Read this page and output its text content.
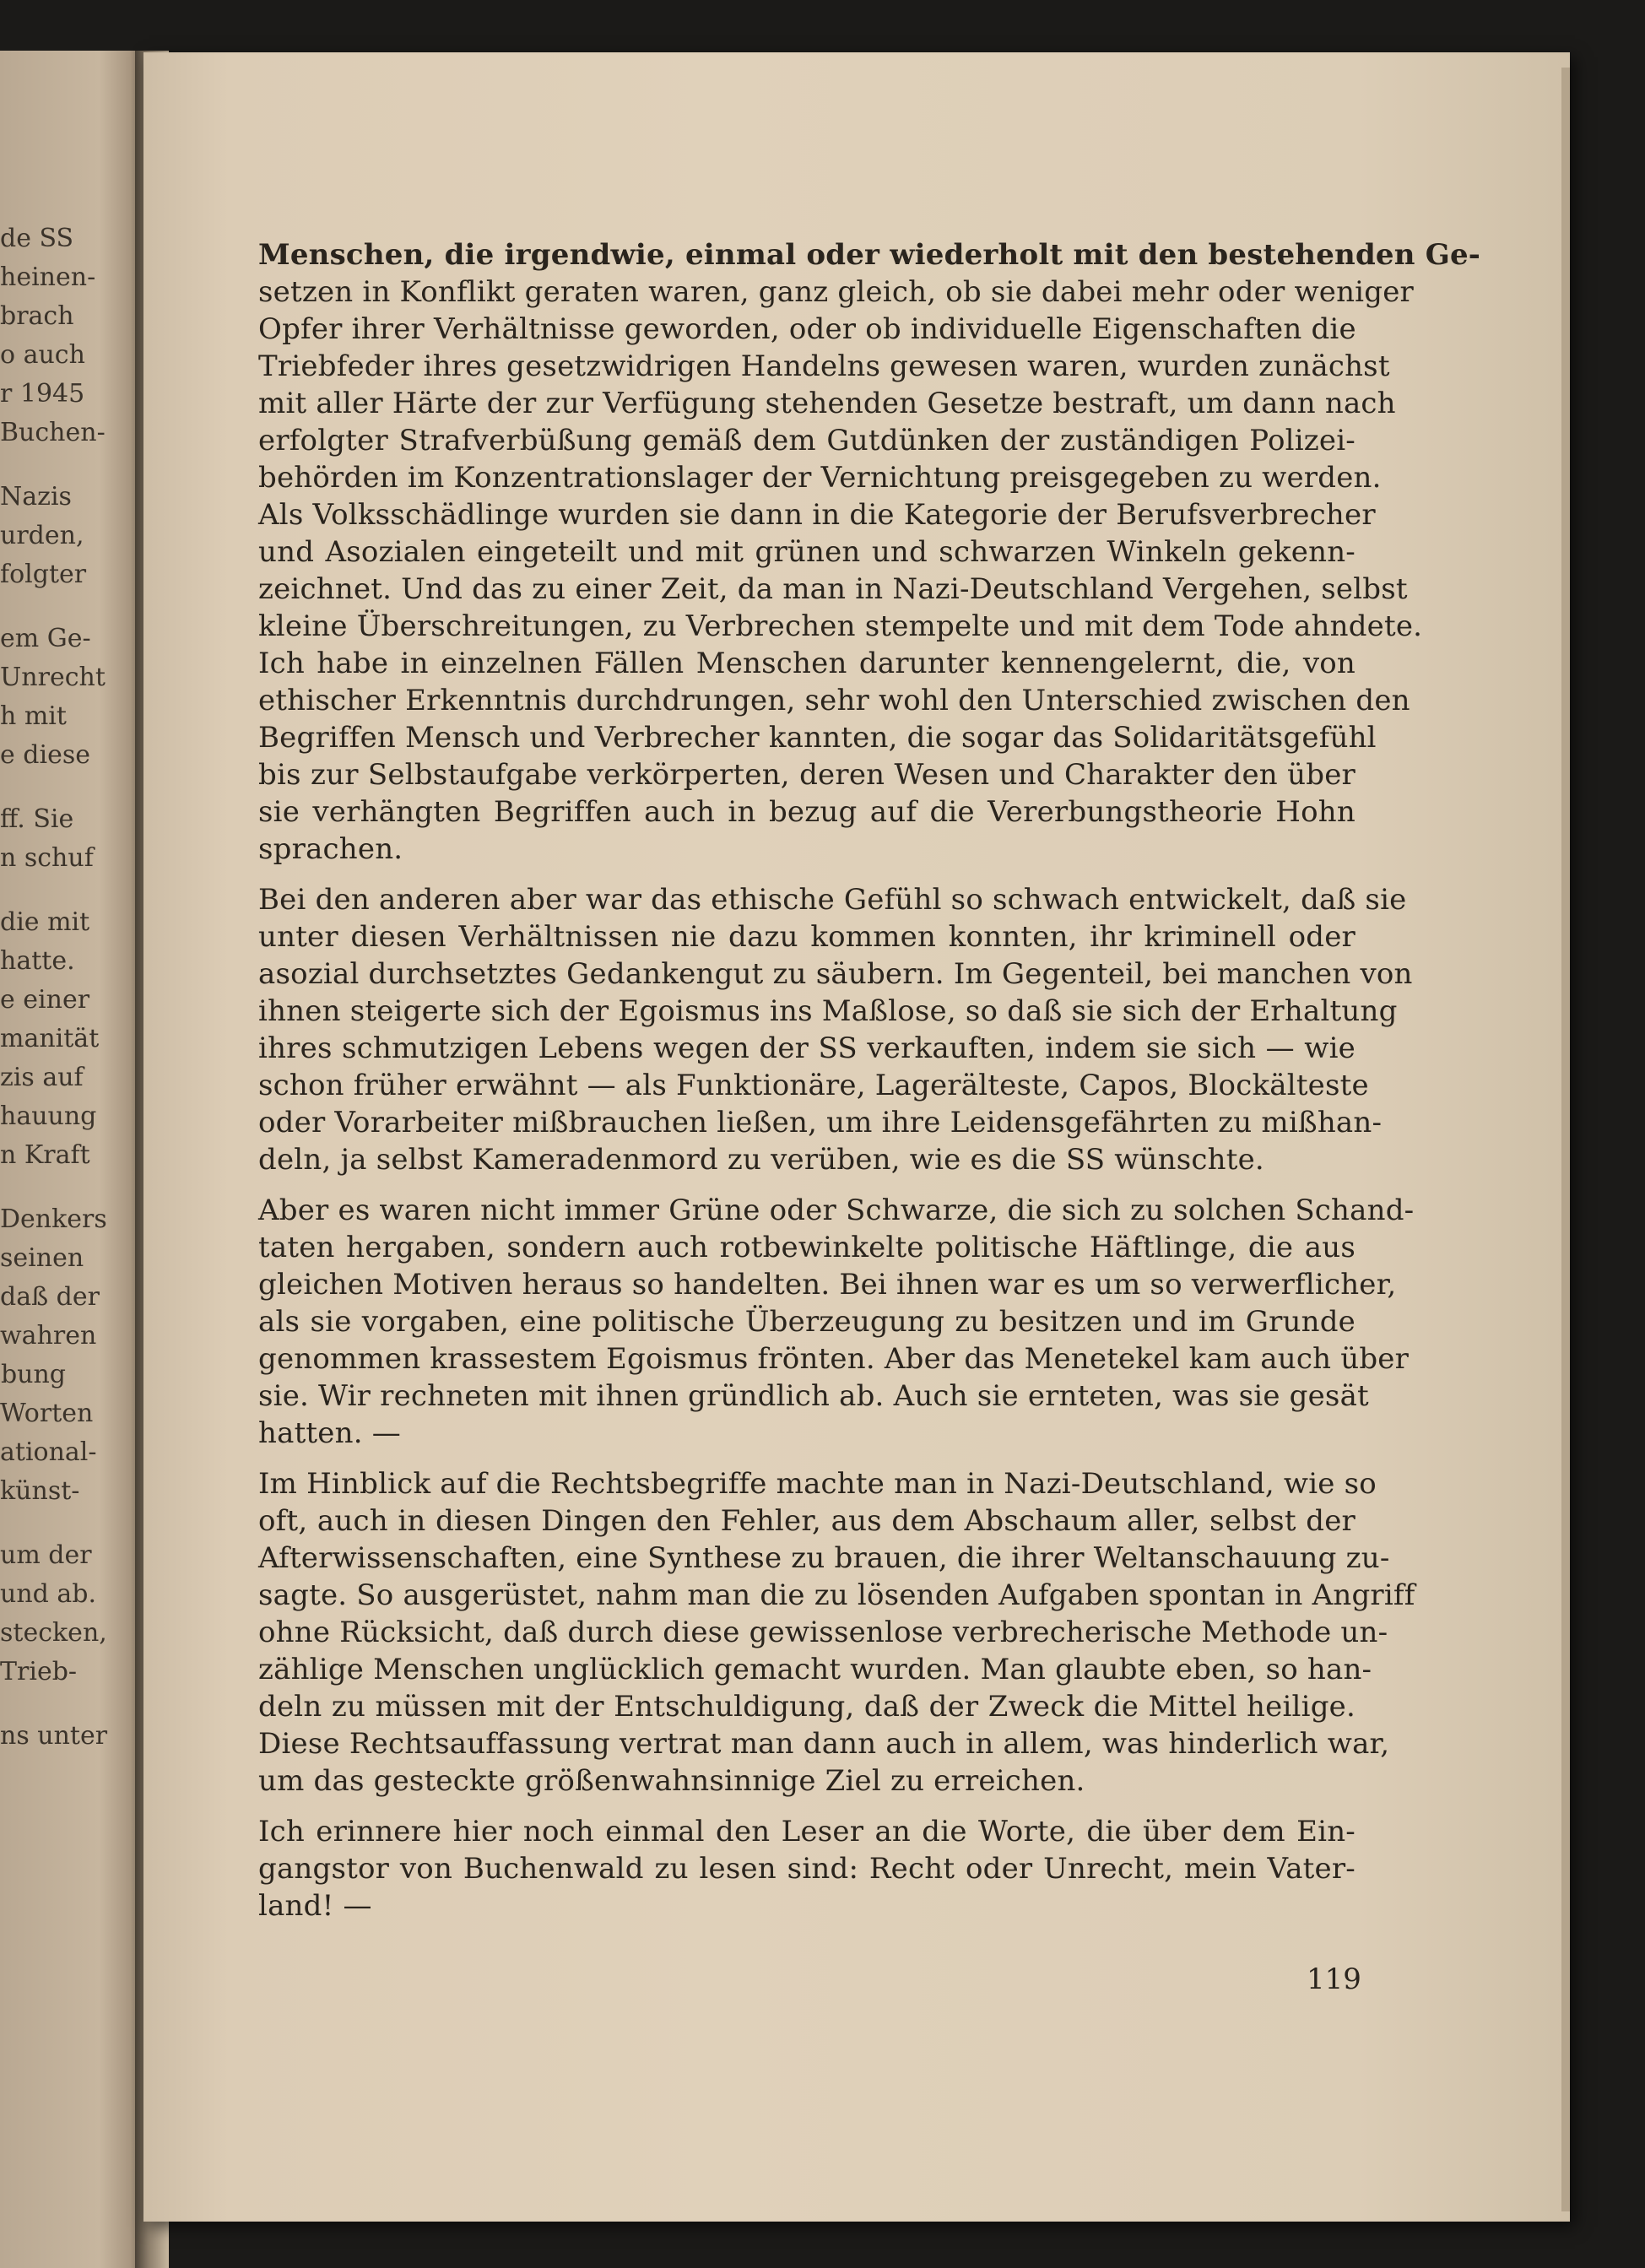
de SS
heinen-
brach
o auch
r 1945
Buchen-
Nazis
urden,
folgter
em Ge-
Unrecht
h mit
e diese
ff. Sie
n schuf
die mit
hatte.
e einer
manität
zis auf
hauung
n Kraft
Denkers
seinen
daß der
wahren
bung
Worten
ational-
künst-
um der
und ab.
stecken,
Trieb-
ns unter
Menschen, die irgendwie, einmal oder wiederholt mit den bestehenden Ge-
setzen in Konflikt geraten waren, ganz gleich, ob sie dabei mehr oder weniger
Opfer ihrer Verhältnisse geworden, oder ob individuelle Eigenschaften die
Triebfeder ihres gesetzwidrigen Handelns gewesen waren, wurden zunächst
mit aller Härte der zur Verfügung stehenden Gesetze bestraft, um dann nach
erfolgter Strafverbüßung gemäß dem Gutdünken der zuständigen Polizei-
behörden im Konzentrationslager der Vernichtung preisgegeben zu werden.
Als Volksschädlinge wurden sie dann in die Kategorie der Berufsverbrecher
und Asozialen eingeteilt und mit grünen und schwarzen Winkeln gekenn-
zeichnet. Und das zu einer Zeit, da man in Nazi-Deutschland Vergehen, selbst
kleine Überschreitungen, zu Verbrechen stempelte und mit dem Tode ahndete.
Ich habe in einzelnen Fällen Menschen darunter kennengelernt, die, von
ethischer Erkenntnis durchdrungen, sehr wohl den Unterschied zwischen den
Begriffen Mensch und Verbrecher kannten, die sogar das Solidaritätsgefühl
bis zur Selbstaufgabe verkörperten, deren Wesen und Charakter den über
sie verhängten Begriffen auch in bezug auf die Vererbungstheorie Hohn
sprachen.
Bei den anderen aber war das ethische Gefühl so schwach entwickelt, daß sie
unter diesen Verhältnissen nie dazu kommen konnten, ihr kriminell oder
asozial durchsetztes Gedankengut zu säubern. Im Gegenteil, bei manchen von
ihnen steigerte sich der Egoismus ins Maßlose, so daß sie sich der Erhaltung
ihres schmutzigen Lebens wegen der SS verkauften, indem sie sich — wie
schon früher erwähnt — als Funktionäre, Lagerälteste, Capos, Blockälteste
oder Vorarbeiter mißbrauchen ließen, um ihre Leidensgefährten zu mißhan-
deln, ja selbst Kameradenmord zu verüben, wie es die SS wünschte.
Aber es waren nicht immer Grüne oder Schwarze, die sich zu solchen Schand-
taten hergaben, sondern auch rotbewinkelte politische Häftlinge, die aus
gleichen Motiven heraus so handelten. Bei ihnen war es um so verwerflicher,
als sie vorgaben, eine politische Überzeugung zu besitzen und im Grunde
genommen krassestem Egoismus frönten. Aber das Menetekel kam auch über
sie. Wir rechneten mit ihnen gründlich ab. Auch sie ernteten, was sie gesät
hatten. —
Im Hinblick auf die Rechtsbegriffe machte man in Nazi-Deutschland, wie so
oft, auch in diesen Dingen den Fehler, aus dem Abschaum aller, selbst der
Afterwissenschaften, eine Synthese zu brauen, die ihrer Weltanschauung zu-
sagte. So ausgerüstet, nahm man die zu lösenden Aufgaben spontan in Angriff
ohne Rücksicht, daß durch diese gewissenlose verbrecherische Methode un-
zählige Menschen unglücklich gemacht wurden. Man glaubte eben, so han-
deln zu müssen mit der Entschuldigung, daß der Zweck die Mittel heilige.
Diese Rechtsauffassung vertrat man dann auch in allem, was hinderlich war,
um das gesteckte größenwahnsinnige Ziel zu erreichen.
Ich erinnere hier noch einmal den Leser an die Worte, die über dem Ein-
gangstor von Buchenwald zu lesen sind: Recht oder Unrecht, mein Vater-
land! —
119
